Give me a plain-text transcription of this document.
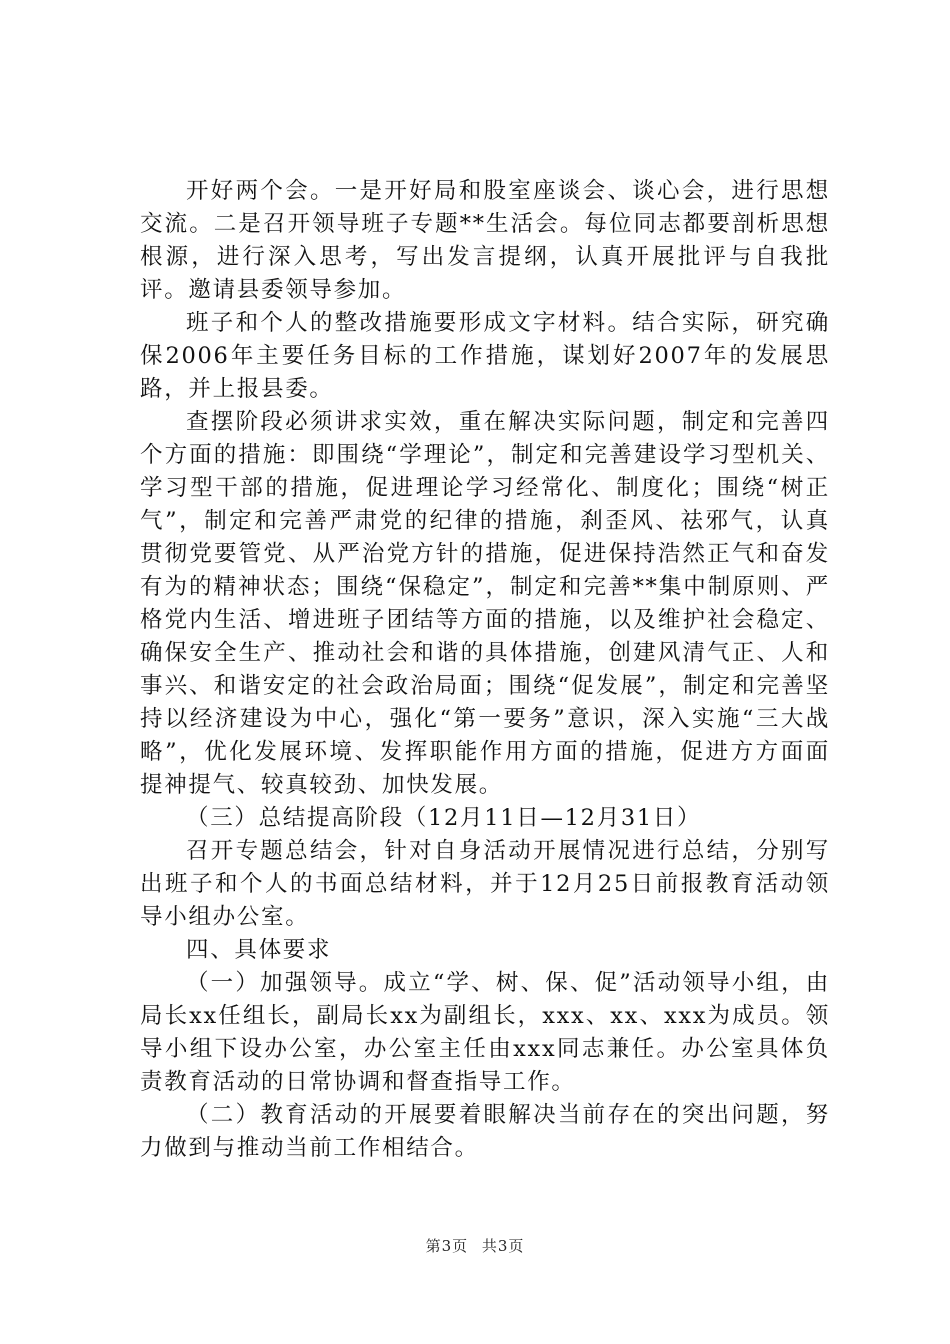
开好两个会。一是开好局和股室座谈会、谈心会，进行思想交流。二是召开领导班子专题**生活会。每位同志都要剖析思想根源，进行深入思考，写出发言提纲，认真开展批评与自我批评。邀请县委领导参加。

班子和个人的整改措施要形成文字材料。结合实际，研究确保2006年主要任务目标的工作措施，谋划好2007年的发展思路，并上报县委。

查摆阶段必须讲求实效，重在解决实际问题，制定和完善四个方面的措施：即围绕“学理论”，制定和完善建设学习型机关、学习型干部的措施，促进理论学习经常化、制度化；围绕“树正气”，制定和完善严肃党的纪律的措施，刹歪风、祛邪气，认真贯彻党要管党、从严治党方针的措施，促进保持浩然正气和奋发有为的精神状态；围绕“保稳定”，制定和完善**集中制原则、严格党内生活、增进班子团结等方面的措施，以及维护社会稳定、确保安全生产、推动社会和谐的具体措施，创建风清气正、人和事兴、和谐安定的社会政治局面；围绕“促发展”，制定和完善坚持以经济建设为中心，强化“第一要务”意识，深入实施“三大战略”，优化发展环境、发挥职能作用方面的措施，促进方方面面提神提气、较真较劲、加快发展。

（三）总结提高阶段（12月11日—12月31日）

召开专题总结会，针对自身活动开展情况进行总结，分别写出班子和个人的书面总结材料，并于12月25日前报教育活动领导小组办公室。

四、具体要求

（一）加强领导。成立“学、树、保、促”活动领导小组，由局长xx任组长，副局长xx为副组长，xxx、xx、xxx为成员。领导小组下设办公室，办公室主任由xxx同志兼任。办公室具体负责教育活动的日常协调和督查指导工作。

（二）教育活动的开展要着眼解决当前存在的突出问题，努力做到与推动当前工作相结合。

第3页 共3页
